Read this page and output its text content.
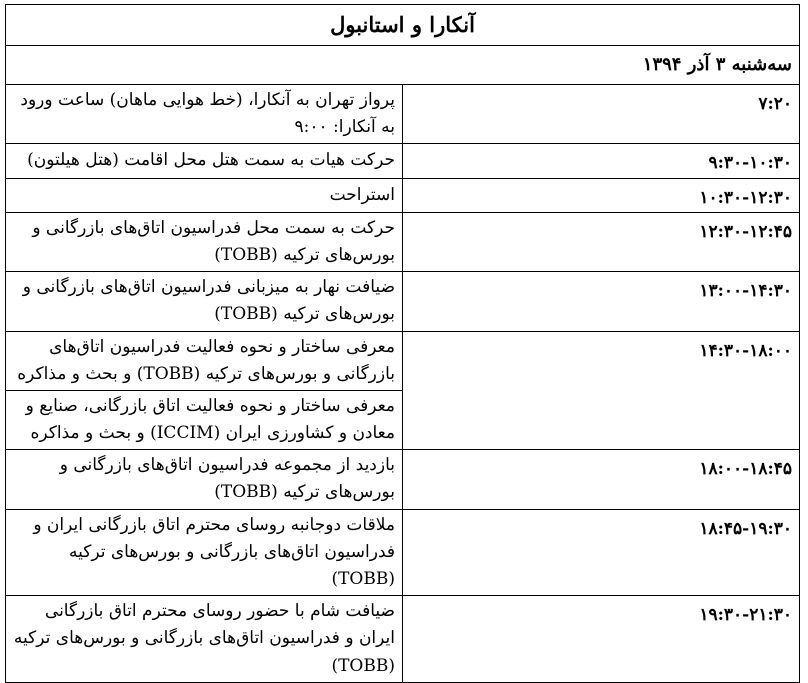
آنکارا و استانبول	
سه‌شنبه ۳ آذر ۱۳۹۴	
۷:۲۰	پرواز تهران به آنکارا، (خط هوایی ماهان) ساعت ورود به آنکارا: ۹:۰۰
۹:۳۰-۱۰:۳۰	حرکت هیات به سمت هتل محل اقامت (هتل هیلتون)
۱۰:۳۰-۱۲:۳۰	استراحت
۱۲:۳۰-۱۲:۴۵	حرکت به سمت محل فدراسیون اتاق‌های بازرگانی و بورس‌های ترکیه (TOBB)
۱۳:۰۰-۱۴:۳۰	ضیافت نهار به میزبانی فدراسیون اتاق‌های بازرگانی و بورس‌های ترکیه (TOBB)
۱۴:۳۰-۱۸:۰۰	معرفی ساختار و نحوه فعالیت فدراسیون اتاق‌های بازرگانی و بورس‌های ترکیه (TOBB) و بحث و مذاکره
	معرفی ساختار و نحوه فعالیت اتاق بازرگانی، صنایع و معادن و کشاورزی ایران (ICCIM) و بحث و مذاکره
۱۸:۰۰-۱۸:۴۵	بازدید از مجموعه فدراسیون اتاق‌های بازرگانی و بورس‌های ترکیه (TOBB)
۱۸:۴۵-۱۹:۳۰	ملاقات دوجانبه روسای محترم اتاق بازرگانی ایران و فدراسیون اتاق‌های بازرگانی و بورس‌های ترکیه (TOBB)
۱۹:۳۰-۲۱:۳۰	ضیافت شام با حضور روسای محترم اتاق بازرگانی ایران و فدراسیون اتاق‌های بازرگانی و بورس‌های ترکیه (TOBB)
